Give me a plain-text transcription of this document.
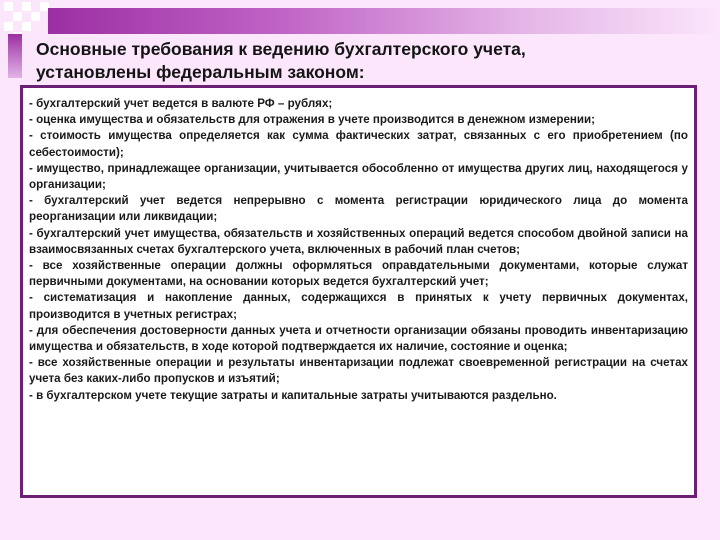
Основные требования к ведению бухгалтерского учета,
установлены федеральным законом:

- бухгалтерский учет ведется в валюте РФ – рублях;

- оценка имущества и обязательств для отражения в учете производится в денежном измерении;

- стоимость имущества определяется как сумма фактических затрат, связанных с его приобретением (по себестоимости);

- имущество, принадлежащее организации, учитывается обособленно от имущества других лиц, находящегося у организации;

- бухгалтерский учет ведется непрерывно с момента регистрации юридического лица до момента реорганизации или ликвидации;

- бухгалтерский учет имущества, обязательств и хозяйственных операций ведется способом двойной записи на взаимосвязанных счетах бухгалтерского учета, включенных в рабочий план счетов;

- все хозяйственные операции должны оформляться оправдательными документами, которые служат первичными документами, на основании которых ведется бухгалтерский учет;

- систематизация и накопление данных, содержащихся в принятых к учету первичных документах, производится в учетных регистрах;

- для обеспечения достоверности данных учета и отчетности организации обязаны проводить инвентаризацию имущества и обязательств, в ходе которой подтверждается их наличие, состояние и оценка;

- все хозяйственные операции и результаты инвентаризации подлежат своевременной регистрации на счетах учета без каких-либо пропусков и изъятий;

- в бухгалтерском учете текущие затраты и капитальные затраты учитываются раздельно.
